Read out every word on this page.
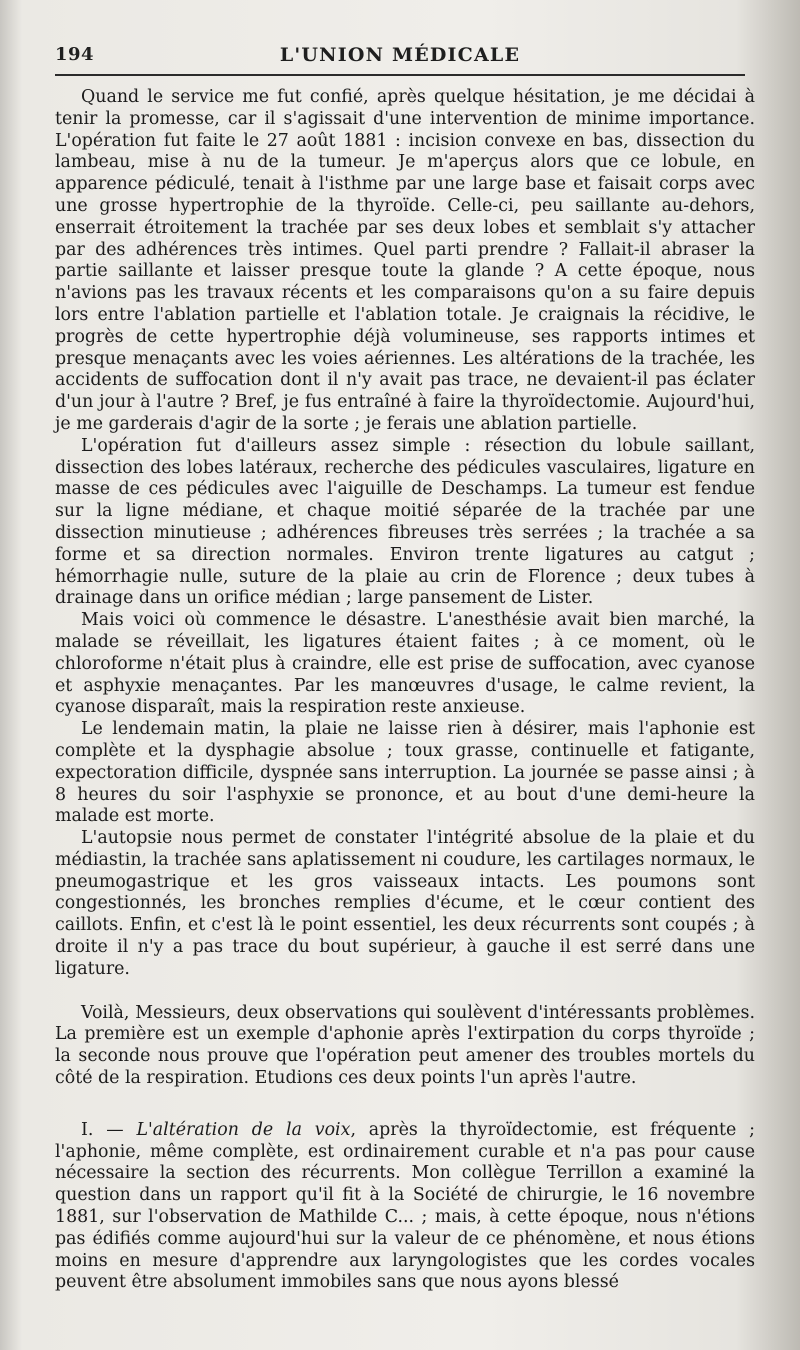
194	L'UNION MÉDICALE

Quand le service me fut confié, après quelque hésitation, je me décidai à tenir la promesse, car il s'agissait d'une intervention de minime importance. L'opération fut faite le 27 août 1881 : incision convexe en bas, dissection du lambeau, mise à nu de la tumeur. Je m'aperçus alors que ce lobule, en apparence pédiculé, tenait à l'isthme par une large base et faisait corps avec une grosse hypertrophie de la thyroïde. Celle-ci, peu saillante au-dehors, enserrait étroitement la trachée par ses deux lobes et semblait s'y attacher par des adhérences très intimes. Quel parti prendre ? Fallait-il abraser la partie saillante et laisser presque toute la glande ? A cette époque, nous n'avions pas les travaux récents et les comparaisons qu'on a su faire depuis lors entre l'ablation partielle et l'ablation totale. Je craignais la récidive, le progrès de cette hypertrophie déjà volumineuse, ses rapports intimes et presque menaçants avec les voies aériennes. Les altérations de la trachée, les accidents de suffocation dont il n'y avait pas trace, ne devaient-il pas éclater d'un jour à l'autre ? Bref, je fus entraîné à faire la thyroïdectomie. Aujourd'hui, je me garderais d'agir de la sorte ; je ferais une ablation partielle.

L'opération fut d'ailleurs assez simple : résection du lobule saillant, dissection des lobes latéraux, recherche des pédicules vasculaires, ligature en masse de ces pédicules avec l'aiguille de Deschamps. La tumeur est fendue sur la ligne médiane, et chaque moitié séparée de la trachée par une dissection minutieuse ; adhérences fibreuses très serrées ; la trachée a sa forme et sa direction normales. Environ trente ligatures au catgut ; hémorrhagie nulle, suture de la plaie au crin de Florence ; deux tubes à drainage dans un orifice médian ; large pansement de Lister.

Mais voici où commence le désastre. L'anesthésie avait bien marché, la malade se réveillait, les ligatures étaient faites ; à ce moment, où le chloroforme n'était plus à craindre, elle est prise de suffocation, avec cyanose et asphyxie menaçantes. Par les manœuvres d'usage, le calme revient, la cyanose disparaît, mais la respiration reste anxieuse.

Le lendemain matin, la plaie ne laisse rien à désirer, mais l'aphonie est complète et la dysphagie absolue ; toux grasse, continuelle et fatigante, expectoration difficile, dyspnée sans interruption. La journée se passe ainsi ; à 8 heures du soir l'asphyxie se prononce, et au bout d'une demi-heure la malade est morte.

L'autopsie nous permet de constater l'intégrité absolue de la plaie et du médiastin, la trachée sans aplatissement ni coudure, les cartilages normaux, le pneumogastrique et les gros vaisseaux intacts. Les poumons sont congestionnés, les bronches remplies d'écume, et le cœur contient des caillots. Enfin, et c'est là le point essentiel, les deux récurrents sont coupés ; à droite il n'y a pas trace du bout supérieur, à gauche il est serré dans une ligature.

Voilà, Messieurs, deux observations qui soulèvent d'intéressants problèmes. La première est un exemple d'aphonie après l'extirpation du corps thyroïde ; la seconde nous prouve que l'opération peut amener des troubles mortels du côté de la respiration. Etudions ces deux points l'un après l'autre.

I. — L'altération de la voix, après la thyroïdectomie, est fréquente ; l'aphonie, même complète, est ordinairement curable et n'a pas pour cause nécessaire la section des récurrents. Mon collègue Terrillon a examiné la question dans un rapport qu'il fit à la Société de chirurgie, le 16 novembre 1881, sur l'observation de Mathilde C... ; mais, à cette époque, nous n'étions pas édifiés comme aujourd'hui sur la valeur de ce phénomène, et nous étions moins en mesure d'apprendre aux laryngologistes que les cordes vocales peuvent être absolument immobiles sans que nous ayons blessé
